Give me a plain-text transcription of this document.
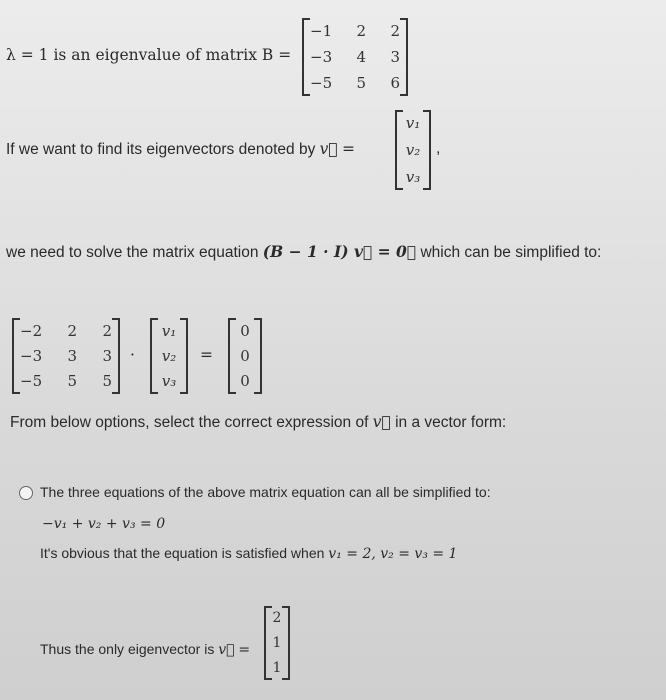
λ = 1 is an eigenvalue of matrix B =
−1 2 2
−3 4 3
−5 5 6
If we want to find its eigenvectors denoted by v⃗ =
v₁
v₂
v₃
,
we need to solve the matrix equation (B − 1 · I) v⃗ = 0⃗ which can be simplified to:
−2 2 2
−3 3 3
−5 5 5
·
v₁
v₂
v₃
=
0
0
0
From below options, select the correct expression of v⃗ in a vector form:
The three equations of the above matrix equation can all be simplified to:
−v₁ + v₂ + v₃ = 0
It's obvious that the equation is satisfied when v₁ = 2, v₂ = v₃ = 1
Thus the only eigenvector is v⃗ =
2
1
1
